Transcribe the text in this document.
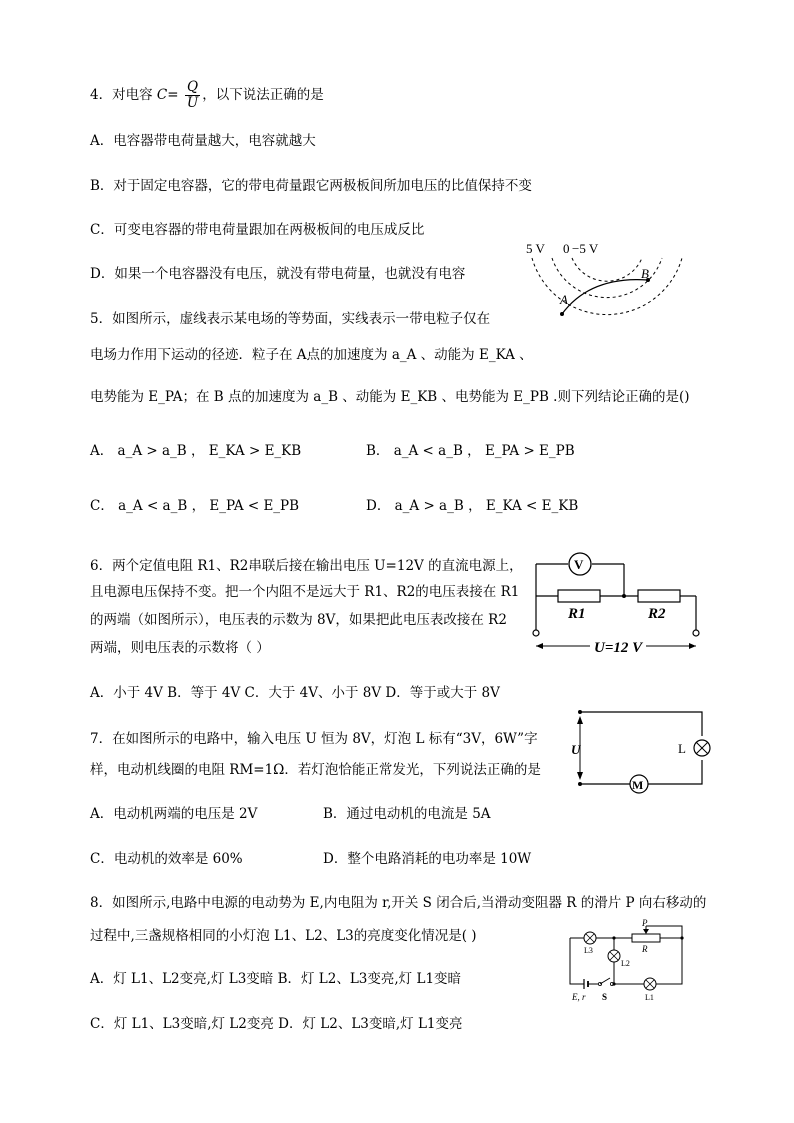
4．对电容 $C= \frac{Q}{U}$ ，以下说法正确的是
A．电容器带电荷量越大，电容就越大
B．对于固定电容器，它的带电荷量跟它两极板间所加电压的比值保持不变
C．可变电容器的带电荷量跟加在两极板间的电压成反比
D．如果一个电容器没有电压，就没有带电荷量，也就没有电容
5．如图所示，虚线表示某电场的等势面，实线表示一带电粒子仅在
电场力作用下运动的径迹．粒子在 A点的加速度为 a_A 、动能为 E_KA 、
电势能为 E_PA；在 B 点的加速度为 a_B 、动能为 E_KB 、电势能为 E_PB .则下列结论正确的是()
A． a_A > a_B ， E_KA > E_KB	B． a_A < a_B ， E_PA > E_PB
C． a_A < a_B ， E_PA < E_PB	D． a_A > a_B ， E_KA < E_KB
5 V 0 −5 V
A
B
6．两个定值电阻 R1、R2串联后接在输出电压 U=12V 的直流电源上，
且电源电压保持不变。把一个内阻不是远大于 R1、R2的电压表接在 R1
的两端（如图所示），电压表的示数为 8V，如果把此电压表改接在 R2
两端，则电压表的示数将（ ）
A．小于 4V B．等于 4V C．大于 4V、小于 8V D．等于或大于 8V
V
R1	R2
U=12 V
7．在如图所示的电路中，输入电压 U 恒为 8V，灯泡 L 标有“3V，6W”字
样，电动机线圈的电阻 RM=1Ω．若灯泡恰能正常发光，下列说法正确的是
A．电动机两端的电压是 2V	B．通过电动机的电流是 5A
C．电动机的效率是 60%	D．整个电路消耗的电功率是 10W
U	L
M
8．如图所示,电路中电源的电动势为 E,内电阻为 r,开关 S 闭合后,当滑动变阻器 R 的滑片 P 向右移动的
过程中,三盏规格相同的小灯泡 L1、L2、L3的亮度变化情况是( )
A．灯 L1、L2变亮,灯 L3变暗 B．灯 L2、L3变亮,灯 L1变暗
C．灯 L1、L3变暗,灯 L2变亮 D．灯 L2、L3变暗,灯 L1变亮
P
R
L3
L2
L1
E, r S
